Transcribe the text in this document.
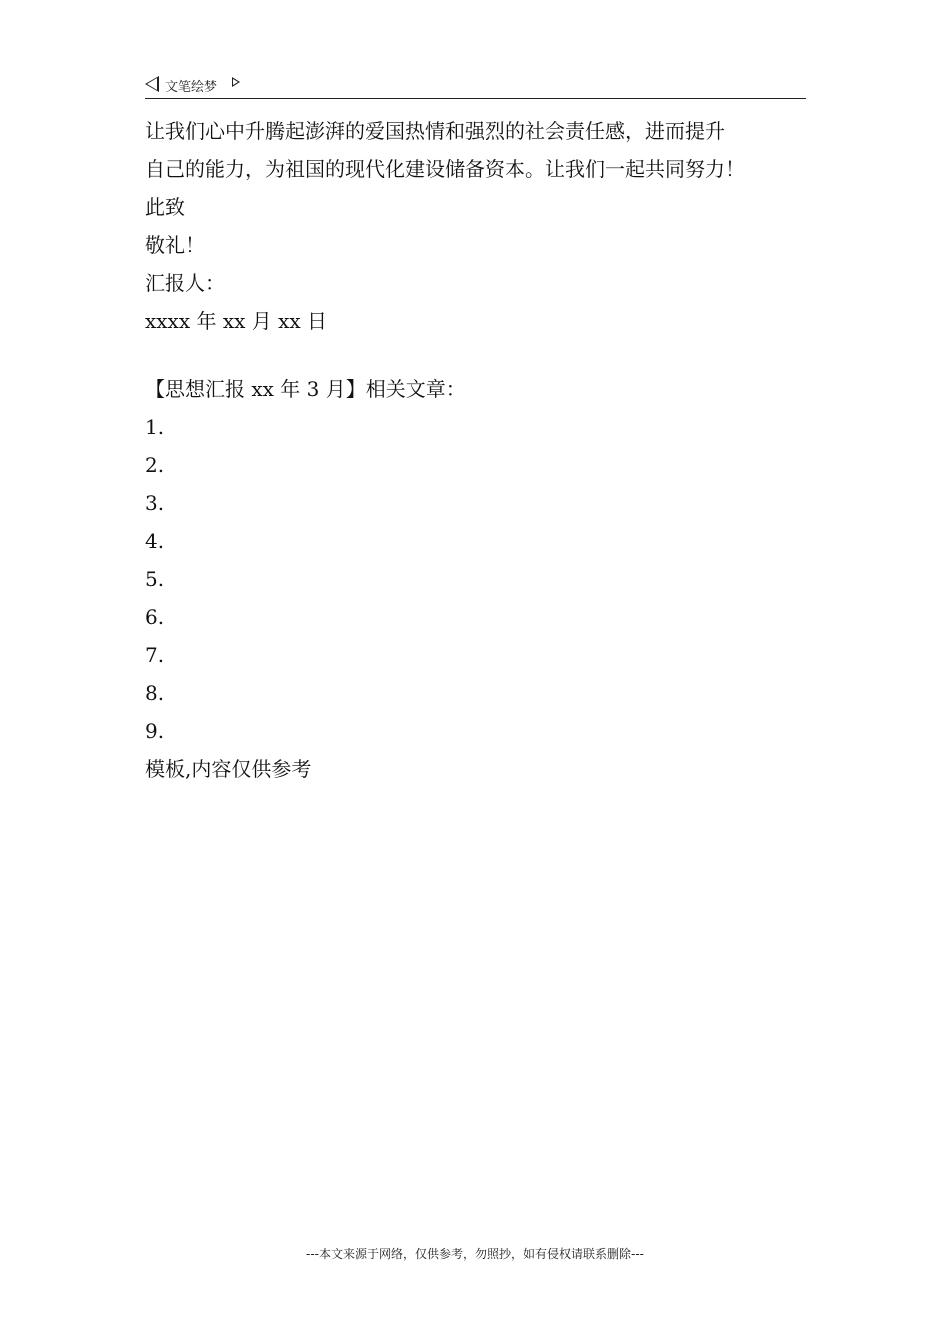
文笔绘梦
让我们心中升腾起澎湃的爱国热情和强烈的社会责任感，进而提升
自己的能力，为祖国的现代化建设储备资本。让我们一起共同努力！
此致
敬礼！
汇报人：
xxxx 年 xx 月 xx 日
【思想汇报 xx 年 3 月】相关文章：
1.
2.
3.
4.
5.
6.
7.
8.
9.
模板,内容仅供参考
---本文来源于网络，仅供参考，勿照抄，如有侵权请联系删除---
